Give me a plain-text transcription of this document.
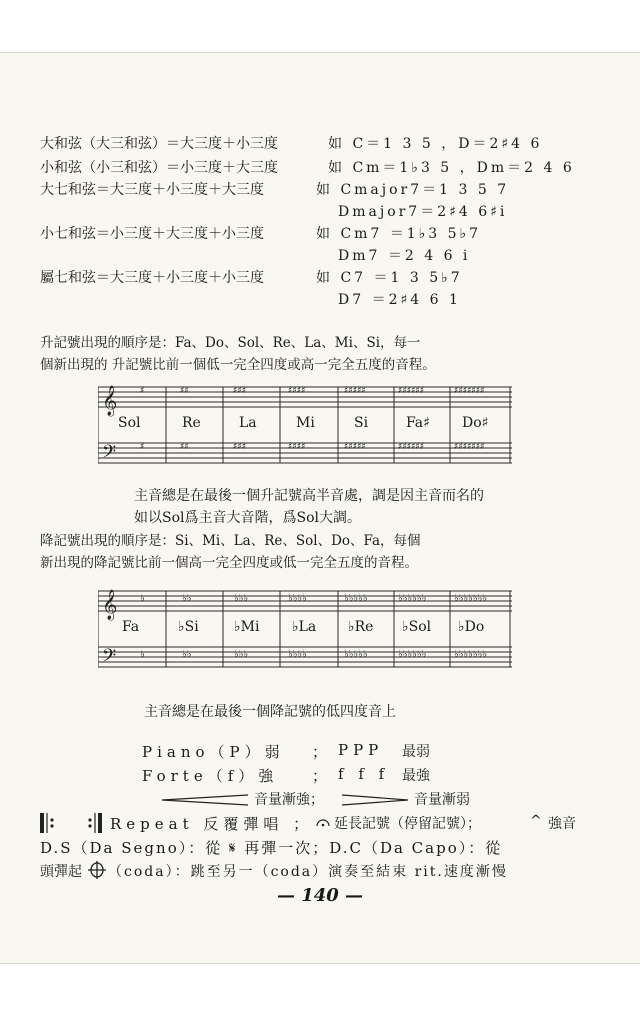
大和弦（大三和弦）＝大三度＋小三度	如 C＝1 3 5 ，D＝2♯4 6
小和弦（小三和弦）＝小三度＋大三度	如 Cm＝1♭3 5 ，Dm＝2 4 6
大七和弦＝大三度＋小三度＋大三度	如 Cmajor7＝1 3 5 7
Dmajor7＝2♯4 6♯i
小七和弦＝小三度＋大三度＋小三度	如 Cm7 ＝1♭3 5♭7
Dm7 ＝2 4 6 i
屬七和弦＝大三度＋小三度＋小三度	如 C7 ＝1 3 5♭7
D7 ＝2♯4 6 1
升記號出現的順序是：Fa、Do、Sol、Re、La、Mi、Si，每一
個新出現的 升記號比前一個低一完全四度或高一完全五度的音程。
𝄞
𝄢
♯	♯♯	♯♯♯	♯♯♯♯	♯♯♯♯♯	♯♯♯♯♯♯	♯♯♯♯♯♯♯
♯	♯♯	♯♯♯	♯♯♯♯	♯♯♯♯♯	♯♯♯♯♯♯	♯♯♯♯♯♯♯
Sol	Re	La	Mi	Si	Fa♯ Do♯
主音總是在最後一個升記號高半音處，調是因主音而名的
如以Sol爲主音大音階，爲Sol大調。
降記號出現的順序是：Si、Mi、La、Re、Sol、Do、Fa，每個
新出現的降記號比前一個高一完全四度或低一完全五度的音程。
𝄞
𝄢
♭	♭♭	♭♭♭	♭♭♭♭	♭♭♭♭♭	♭♭♭♭♭♭	♭♭♭♭♭♭♭
♭	♭♭	♭♭♭	♭♭♭♭	♭♭♭♭♭	♭♭♭♭♭♭	♭♭♭♭♭♭♭
Fa	♭Si	♭Mi ♭La ♭Re ♭Sol ♭Do
主音總是在最後一個降記號的低四度音上
Piano（P）弱 ； PPP 最弱
Forte（f）強 ； f f f 最強
音量漸強；	音量漸弱
Repeat 反覆彈唱 ； 延長記號（停留記號）；	^ 強音
D.S（Da Segno）：從 𝄋 再彈一次；D.C（Da Capo）：從
頭彈起 （coda）：跳至另一（coda）演奏至結束 rit.速度漸慢
— 140 —
